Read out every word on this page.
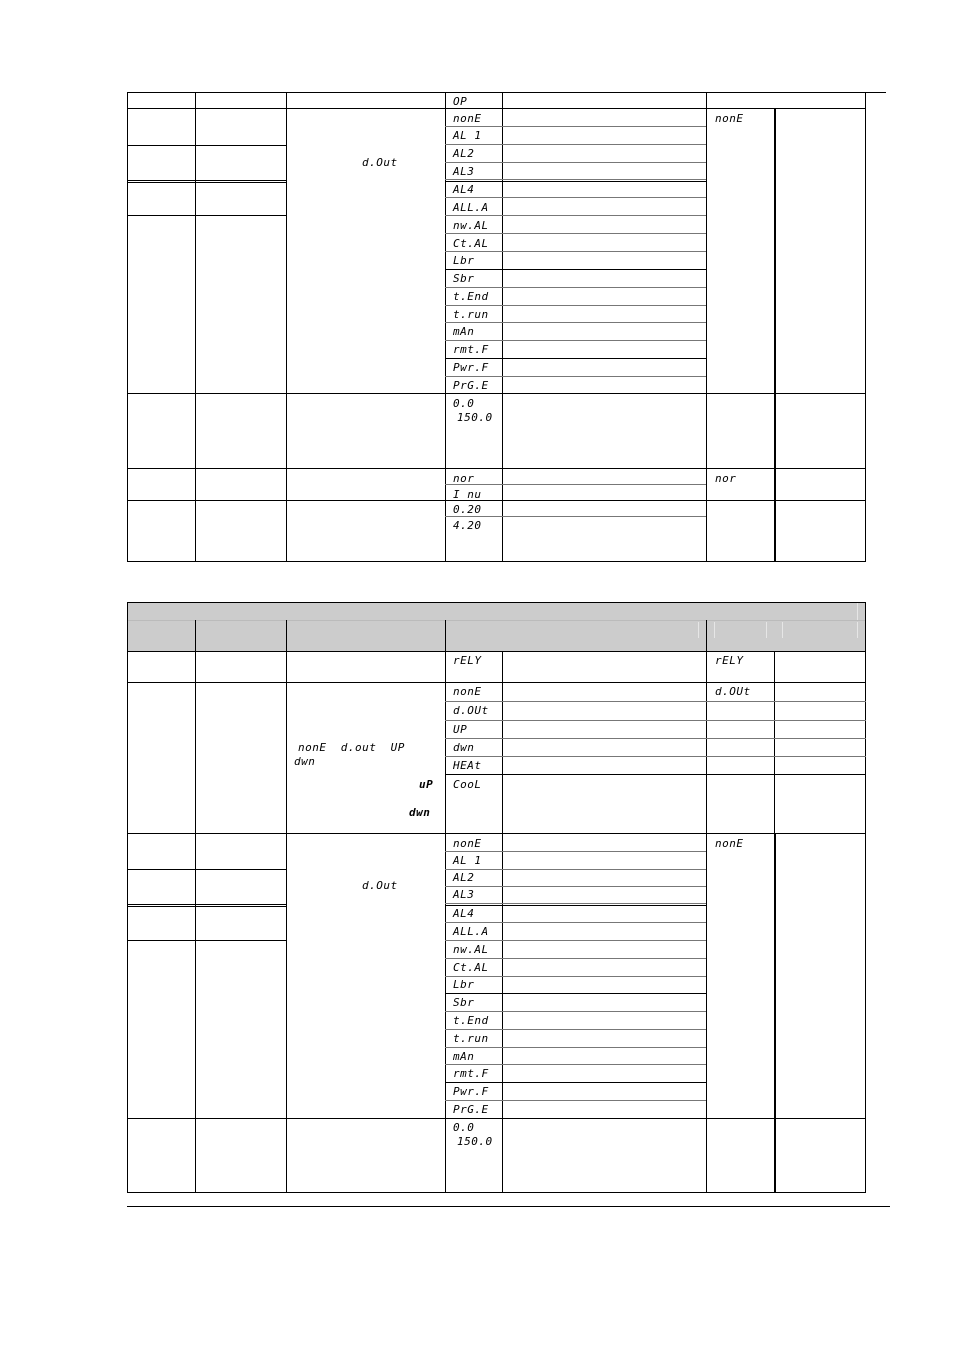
d.Out
OP
nonE
AL 1
AL2
AL3
AL4
ALL.A
nw.AL
Ct.AL
Lbr
Sbr
t.End
t.run
mAn
rmt.F
Pwr.F
PrG.E
0.0
150.0
nor
I nu
0.20
4.20
nonE
nor
rELY	rELY
nonE
d.OUt
UP
dwn
HEAt
CooL
d.OUt
nonE  d.out  UP
dwn
uP
dwn
d.Out
nonE
AL 1
AL2
AL3
AL4
ALL.A
nw.AL
Ct.AL
Lbr
Sbr
t.End
t.run
mAn
rmt.F
Pwr.F
PrG.E
0.0
150.0
nonE
